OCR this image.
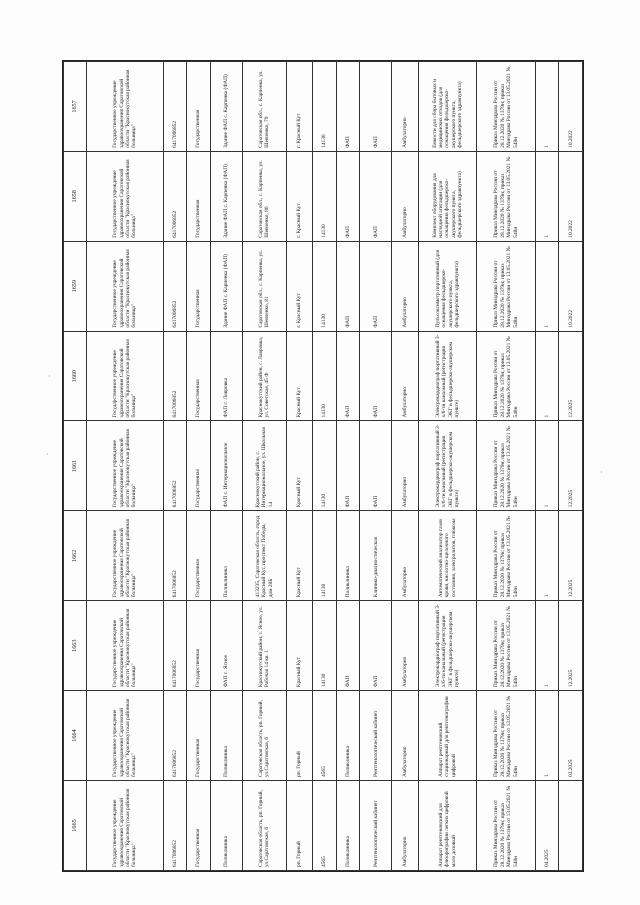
·
·
·
1665	1664	1663	1662	1661	1660	1659	1658	1657
Государственное учреждение здравоохранения Саратовской области "Краснокутская районная больница"	Государственное учреждение здравоохранения Саратовской области "Краснокутская районная больница"	Государственное учреждение здравоохранения Саратовской области "Краснокутская районная больница"	Государственное учреждение здравоохранения Саратовской области "Краснокутская районная больница"	Государственное учреждение здравоохранения Саратовской области "Краснокутская районная больница"	Государственное учреждение здравоохранения Саратовской области "Краснокутская районная больница"	Государственное учреждение здравоохранения Саратовской области "Краснокутская районная больница"	Государственное учреждение здравоохранения Саратовской области "Краснокутская районная больница"	Государственное учреждение здравоохранения Саратовской области "Краснокутская районная больница"
6417006852	6417006852	6417006852	6417006852	6417006852	6417006852	6417006852	6417006852	6417006852
Государственная	Государственная	Государственная	Государственная	Государственная	Государственная	Государственная	Государственная	Государственная
Поликлиника	Поликлиника	ФАП с. Ясное	Поликлиника	ФАП с. Интернациональное	ФАП с. Лавровка	Здание ФАП с. Карпенка (ФАП)	Здание ФАП с. Карпенка (ФАП)	Здание ФАП с. Карпенка (ФАП)
Саратовская область, рп. Горный, ул.Саратовская, 6	Саратовская область, рп. Горный, ул.Саратовская, 6	Краснокутский район, с. Ясное, ул. Рабочая 14 кв. 1	413235, Саратовская область, город Красный Кут, проспект Победы, дом 28Б	Краснокутский район, с. Интернациональное, ул. Школьная 14	Краснокутский район, с. Лавровка, ул. Советская, 45 Ф	Саратовская обл., с. Карпенка, ул. Шевченко, 81	Саратовская обл., с. Карпенка, ул. Шевченко, 80	Саратовская обл., с. Карпенка, ул. Шевченко, 79
рп. Горный	рп. Горный	Красный Кут	Красный Кут	Красный Кут	Красный Кут	г. Красный Кут	г. Красный Кут	г. Красный Кут
4565	4565	14130	14130	14130	14130	14130	14130	14130
Поликлиника	Поликлиника	ФАП	Поликлиника	ФАП	ФАП	ФАП	ФАП	ФАП
Рентгенологический кабинет	Рентгенологический кабинет	ФАП	Клинико-диагностическая	ФАП	ФАП	ФАП	ФАП	ФАП
Амбулаторно	Амбулаторно	Амбулаторно	Амбулаторно	Амбулаторно	Амбулаторно	Амбулаторно	Амбулаторно	Амбулаторно
Аппарат рентгеновский для флюорографии легких цифровой мало дозовый	Аппарат рентгеновский стационарный для рентгенографии цифровой	Электрокардиограф портативный 3-х/6-ти канальный (регистрация ЭКГ в фельдшерско-акушерском пункте)	Автоматический анализатор газов крови, кислотно-щелочного состояния, электролитов, глюкозы	Электрокардиограф портативный 3-х/6-ти канальный (регистрация ЭКГ в фельдшерско-акушерском пункте)	Электрокардиограф портативный 3-х/6-ти канальный (регистрация ЭКГ в фельдшерско-акушерском пункте)	Пульсоксиметр портативный (для оснащения фельдшерско-акушерского пункта, фельдшерского здравпункта)	Комплект оборудования для наглядной агитации (для оснащения фельдшерско-акушерского пункта, фельдшерского здравпункта)	Емкости для сбора бытовых и медицинских отходов (для оснащения фельдшерско-акушерского пункта, фельдшерского здравпункта)
Приказ Минздрава России от 28.12.2020 № 1379н; приказ Минздрава России от 13.05.2021 № 548н	Приказ Минздрава России от 28.12.2020 № 1379н; приказ Минздрава России от 13.05.2021 № 548н	Приказ Минздрава России от 28.12.2020 № 1379н; приказ Минздрава России от 13.05.2021 № 548н	Приказ Минздрава России от 28.12.2020 № 1379н; приказ Минздрава России от 13.05.2021 № 548н	Приказ Минздрава России от 28.12.2020 № 1379н; приказ Минздрава России от 13.05.2021 № 548н	Приказ Минздрава России от 28.12.2020 № 1379н; приказ Минздрава России от 13.05.2021 № 548н	Приказ Минздрава России от 28.12.2020 № 1379н; приказ Минздрава России от 13.05.2021 № 548н	Приказ Минздрава России от 28.12.2020 № 1379н; приказ Минздрава России от 13.05.2021 № 548н	Приказ Минздрава России от 28.12.2020 № 1379н; приказ Минздрава России от 13.05.2021 № 548н
04.2025	1	1	1	1	1	1	1	1
	03.2025	12.2025	12.2025	12.2025	12.2025	10.2022	10.2022	10.2022
